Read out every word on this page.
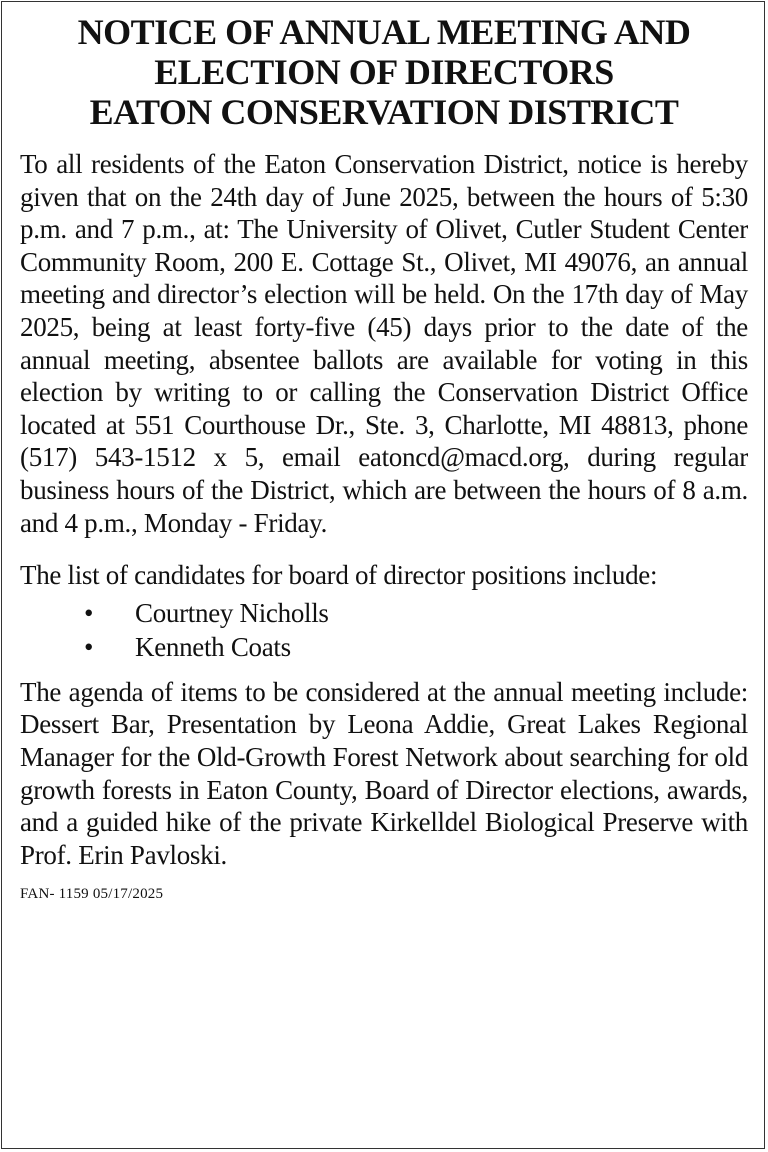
NOTICE OF ANNUAL MEETING AND
ELECTION OF DIRECTORS
EATON CONSERVATION DISTRICT

To all residents of the Eaton Conservation District, notice is hereby given that on the 24th day of June 2025, between the hours of 5:30 p.m. and 7 p.m., at: The University of Olivet, Cutler Student Center Community Room, 200 E. Cottage St., Olivet, MI 49076, an annual meeting and director’s election will be held. On the 17th day of May 2025, being at least forty-five (45) days prior to the date of the annual meeting, absentee ballots are available for voting in this election by writing to or calling the Conservation District Office located at 551 Courthouse Dr., Ste. 3, Charlotte, MI 48813, phone (517) 543-1512 x 5, email eatoncd@macd.org, during regular business hours of the District, which are between the hours of 8 a.m. and 4 p.m., Monday - Friday.

The list of candidates for board of director positions include:

• Courtney Nicholls
• Kenneth Coats

The agenda of items to be considered at the annual meeting include: Dessert Bar, Presentation by Leona Addie, Great Lakes Regional Manager for the Old-Growth Forest Network about searching for old growth forests in Eaton County, Board of Director elections, awards, and a guided hike of the private Kirkelldel Biological Preserve with Prof. Erin Pavloski.

FAN- 1159 05/17/2025
